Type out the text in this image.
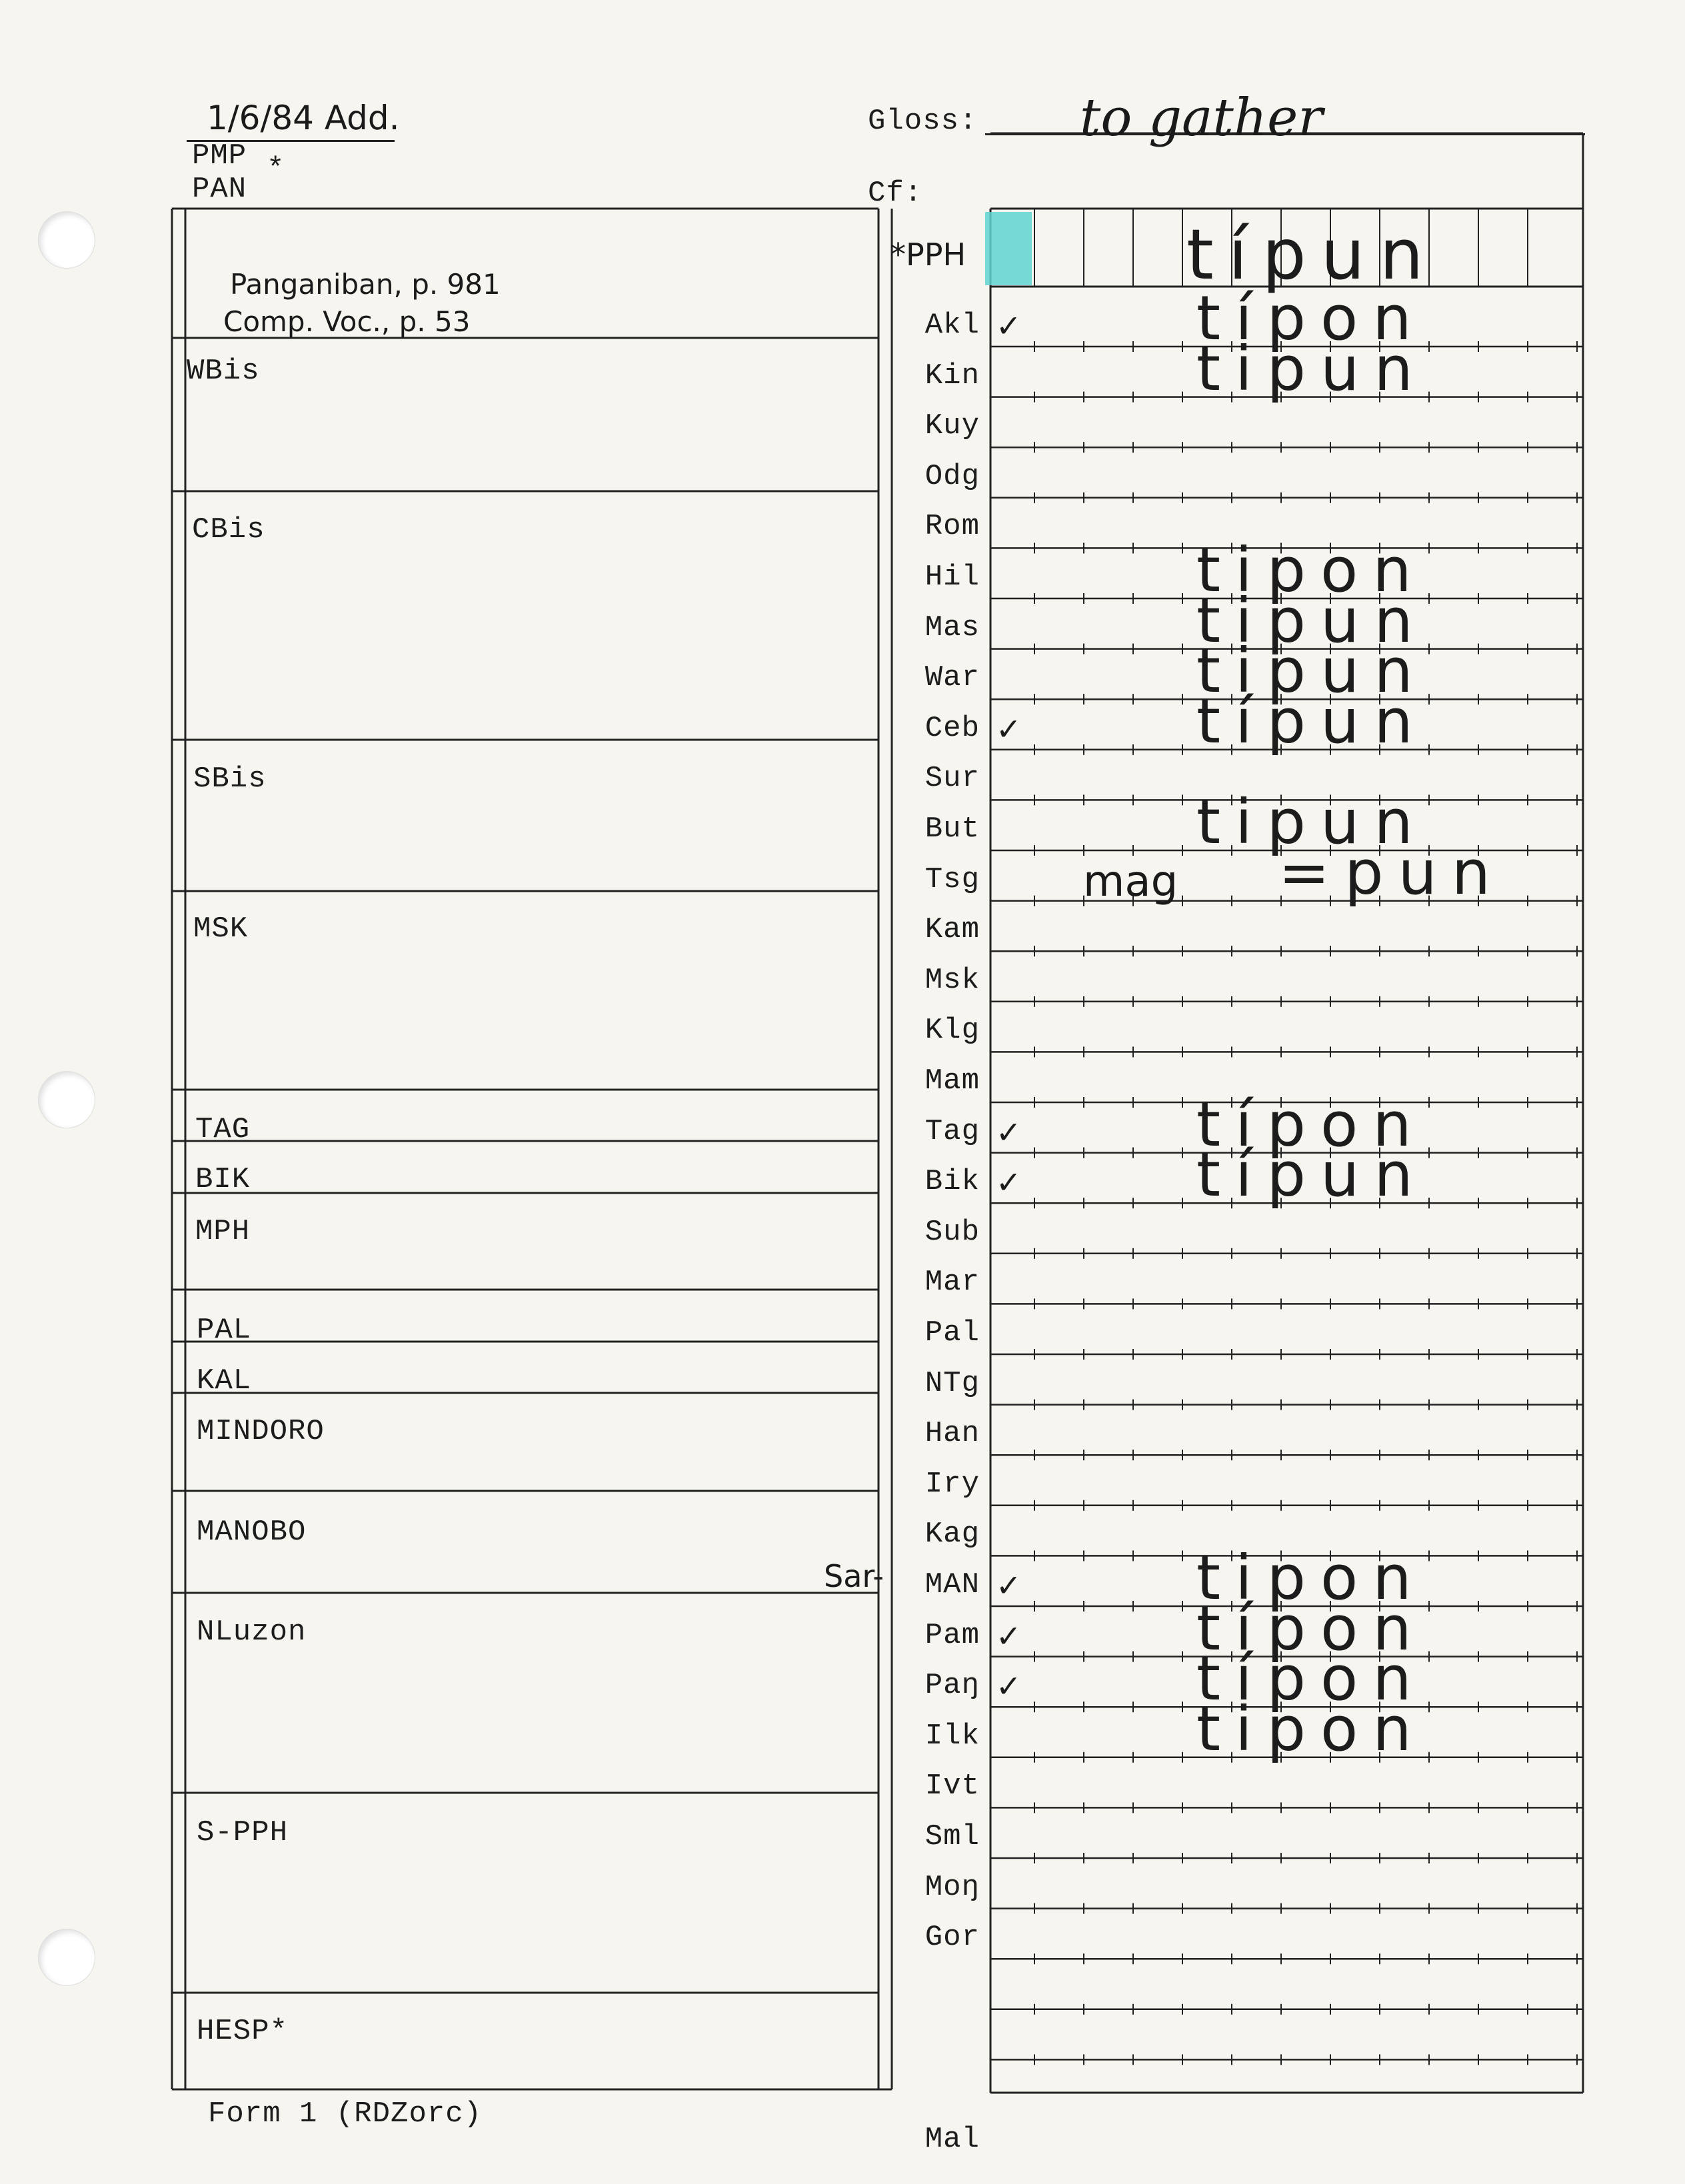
1/6/84 Add.
PMP *
PAN
Gloss: to gather
Cf:
Panganiban, p. 981
Comp. Voc., p. 53
WBis
CBis
SBis
MSK
TAG
BIK
MPH
PAL
KAL
MINDORO
MANOBO
NLuzon
S-PPH
HESP*
*PPH	típun
Sar-
Akl ✓	típon
Kin	tipun
Kuy
Odg
Rom
Hil	tipon
Mas	tipun
War	tipun
Ceb ✓	típun
Sur
But	tipun
Tsg mag =pun
Kam
Msk
Klg
Mam
Tag ✓	típon
Bik ✓	típun
Sub
Mar
Pal
NTg
Han
Iry
Kag
MAN ✓	tipon
Pam ✓	típon
Paŋ ✓	típon
Ilk	tipon
Ivt
Sml
Moŋ
Gor
Mal
Form 1 (RDZorc)
